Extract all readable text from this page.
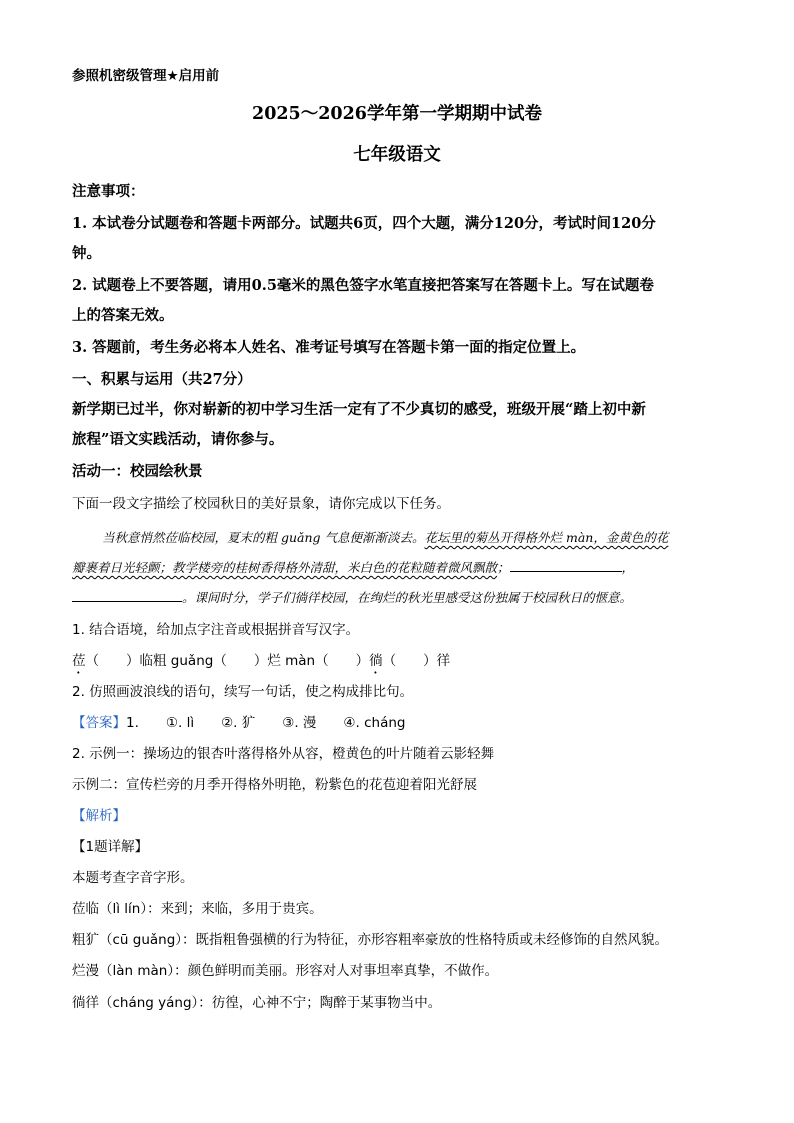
参照机密级管理★启用前
2025～2026学年第一学期期中试卷
七年级语文
注意事项：
1. 本试卷分试题卷和答题卡两部分。试题共6页，四个大题，满分120分，考试时间120分
钟。
2. 试题卷上不要答题，请用0.5毫米的黑色签字水笔直接把答案写在答题卡上。写在试题卷
上的答案无效。
3. 答题前，考生务必将本人姓名、准考证号填写在答题卡第一面的指定位置上。
一、积累与运用（共27分）
新学期已过半，你对崭新的初中学习生活一定有了不少真切的感受，班级开展“踏上初中新
旅程”语文实践活动，请你参与。
活动一：校园绘秋景
下面一段文字描绘了校园秋日的美好景象，请你完成以下任务。
当秋意悄然莅临校园，夏末的粗 guǎng 气息便渐渐淡去。花坛里的菊丛开得格外烂 màn，金黄色的花
瓣裹着日光轻颤；教学楼旁的桂树香得格外清甜，米白色的花粒随着微风飘散；	，
。课间时分，学子们徜徉校园，在绚烂的秋光里感受这份独属于校园秋日的惬意。
1. 结合语境，给加点字注音或根据拼音写汉字。
莅（　　）临粗 guǎng（　　）烂 màn（　　）徜（　　）徉
2. 仿照画波浪线的语句，续写一句话，使之构成排比句。
【答案】1.　　①. lì　　②. 犷　　③. 漫　　④. cháng
2. 示例一：操场边的银杏叶落得格外从容，橙黄色的叶片随着云影轻舞
示例二：宣传栏旁的月季开得格外明艳，粉紫色的花苞迎着阳光舒展
【解析】
【1题详解】
本题考查字音字形。
莅临（lì lín）：来到；来临，多用于贵宾。
粗犷（cū guǎng）：既指粗鲁强横的行为特征，亦形容粗率豪放的性格特质或未经修饰的自然风貌。
烂漫（làn màn）：颜色鲜明而美丽。形容对人对事坦率真挚，不做作。
徜徉（cháng yáng）：彷徨，心神不宁；陶醉于某事物当中。
